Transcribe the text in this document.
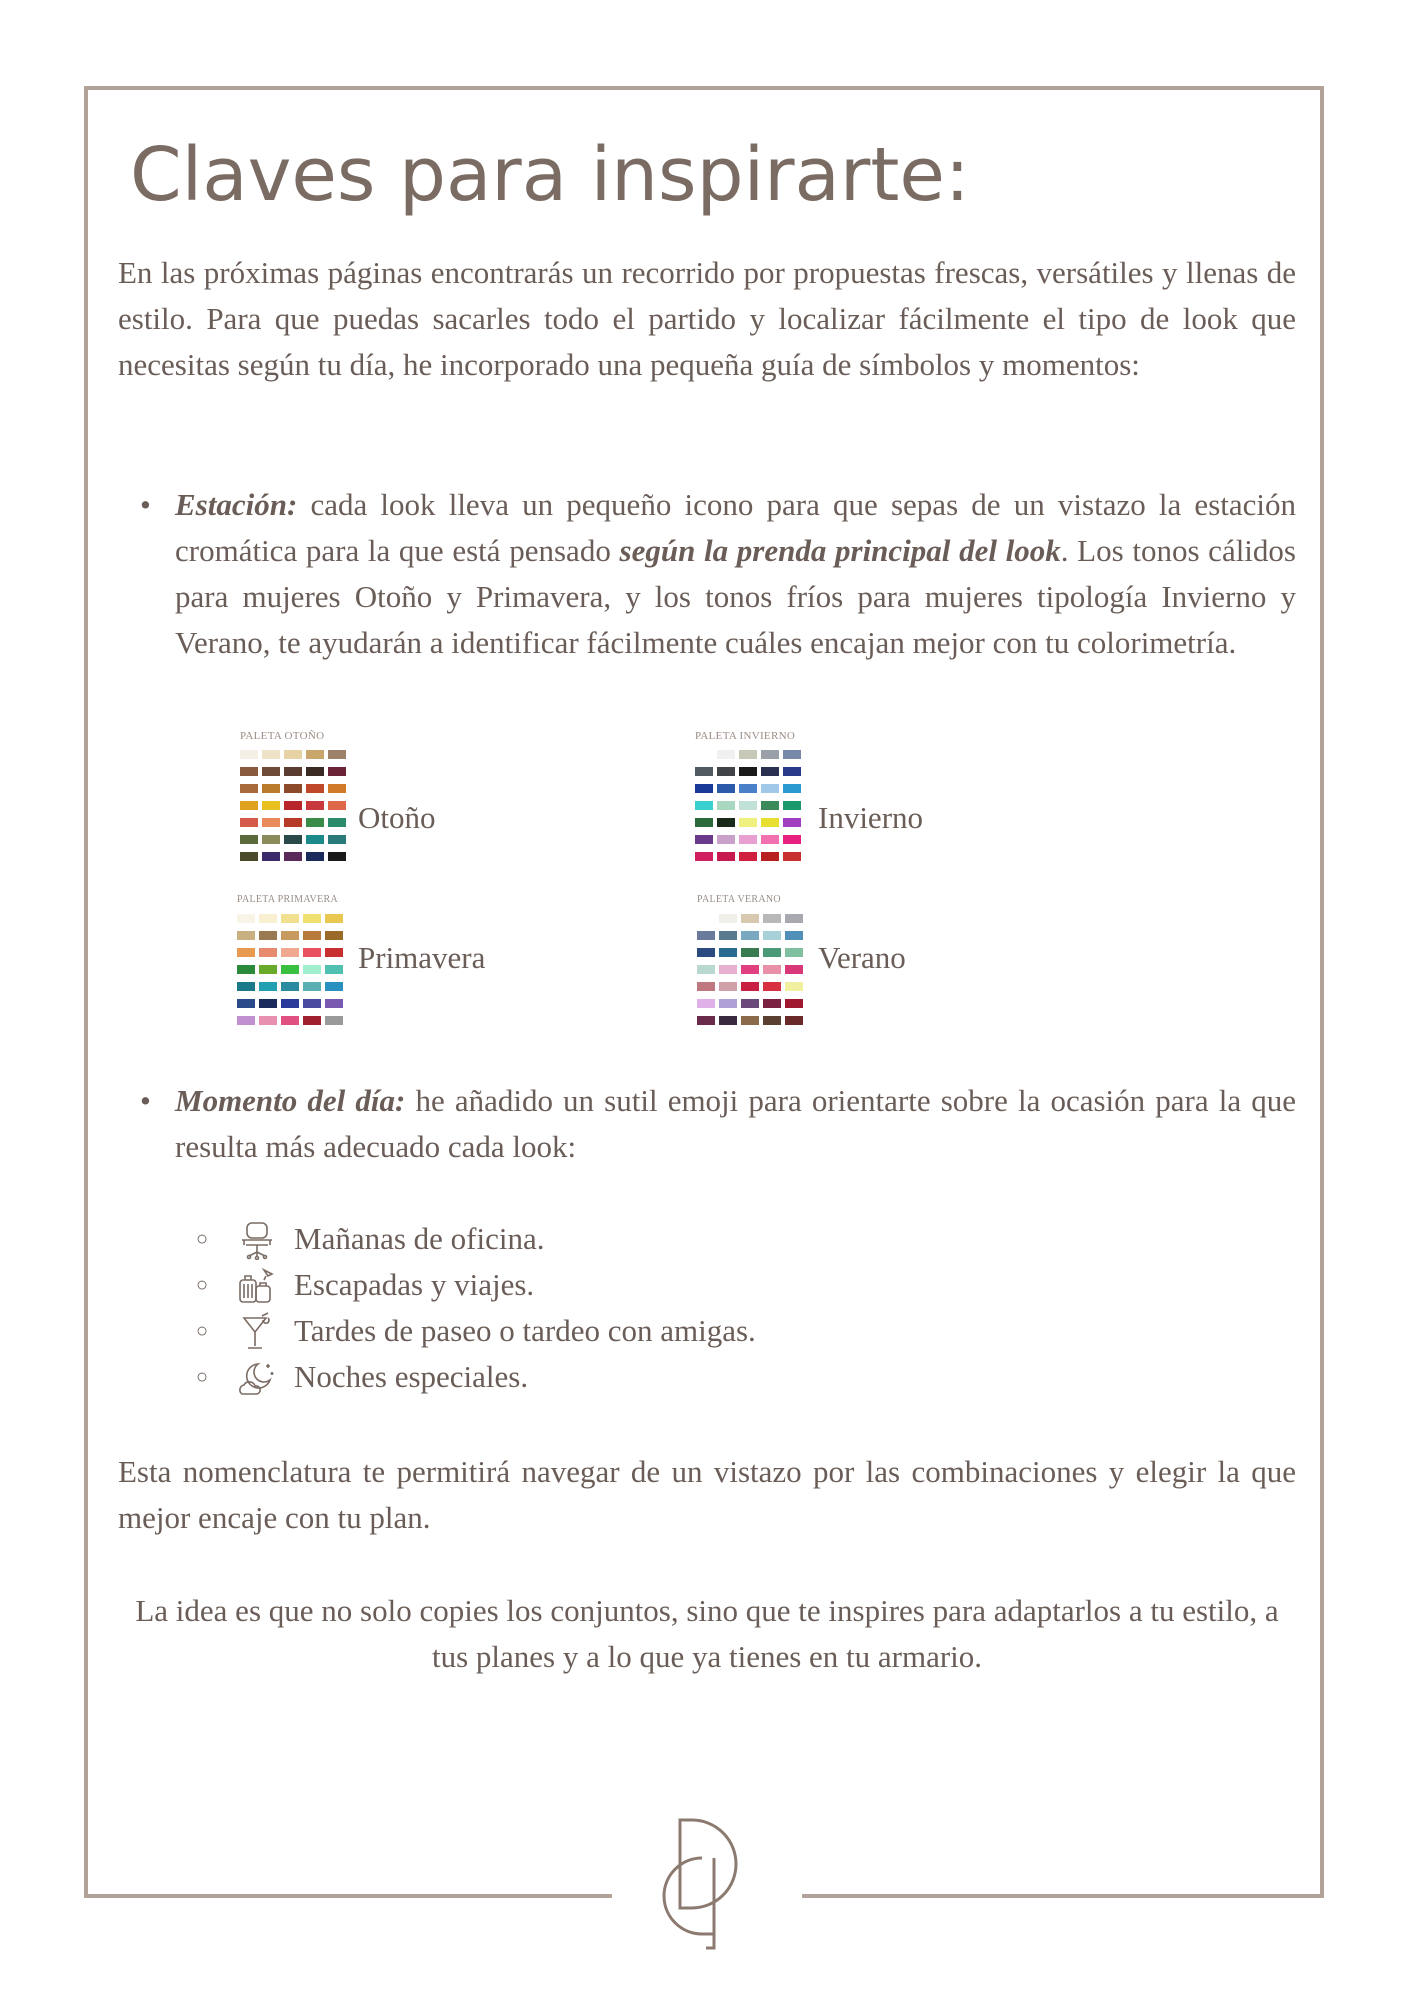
Claves para inspirarte:

En las próximas páginas encontrarás un recorrido por propuestas frescas, versátiles y llenas de estilo. Para que puedas sacarles todo el partido y localizar fácilmente el tipo de look que necesitas según tu día, he incorporado una pequeña guía de símbolos y momentos:

• Estación: cada look lleva un pequeño icono para que sepas de un vistazo la estación cromática para la que está pensado según la prenda principal del look. Los tonos cálidos para mujeres Otoño y Primavera, y los tonos fríos para mujeres tipología Invierno y Verano, te ayudarán a identificar fácilmente cuáles encajan mejor con tu colorimetría.
PALETA OTOÑO
Otoño
PALETA INVIERNO
Invierno
PALETA PRIMAVERA
Primavera
PALETA VERANO
Verano
• Momento del día: he añadido un sutil emoji para orientarte sobre la ocasión para la que resulta más adecuado cada look:
○	Mañanas de oficina.
○	Escapadas y viajes.
○	Tardes de paseo o tardeo con amigas.
○	Noches especiales.

Esta nomenclatura te permitirá navegar de un vistazo por las combinaciones y elegir la que mejor encaje con tu plan.

La idea es que no solo copies los conjuntos, sino que te inspires para adaptarlos a tu estilo, a tus planes y a lo que ya tienes en tu armario.
